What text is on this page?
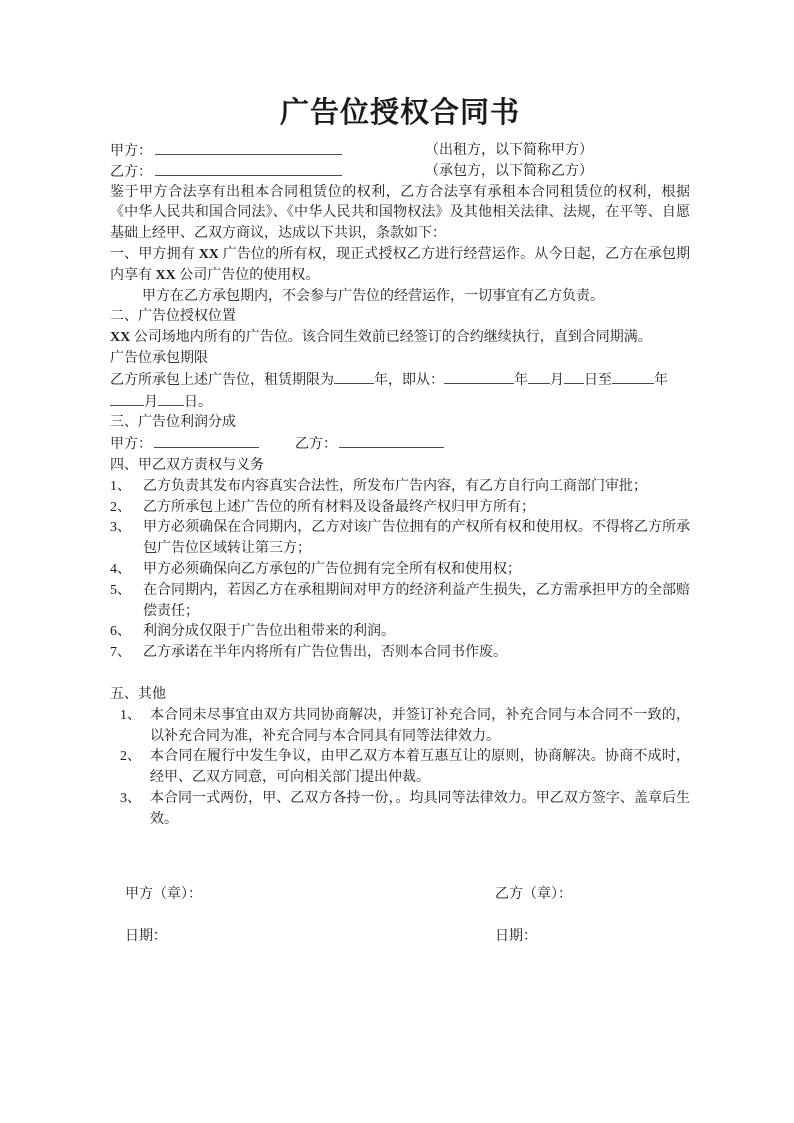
广告位授权合同书
甲方：	（出租方，以下简称甲方）
乙方：	（承包方，以下简称乙方）

鉴于甲方合法享有出租本合同租赁位的权利，乙方合法享有承租本合同租赁位的权利，根据《中华人民共和国合同法》、《中华人民共和国物权法》及其他相关法律、法规，在平等、自愿基础上经甲、乙双方商议，达成以下共识，条款如下：

一、甲方拥有 XX 广告位的所有权，现正式授权乙方进行经营运作。从今日起，乙方在承包期内享有 XX 公司广告位的使用权。

甲方在乙方承包期内，不会参与广告位的经营运作，一切事宜有乙方负责。

二、广告位授权位置

XX 公司场地内所有的广告位。该合同生效前已经签订的合约继续执行，直到合同期满。

广告位承包期限

乙方所承包上述广告位，租赁期限为	年，即从：	年 月 日至	年
月 日。

三、广告位利润分成

甲方：	乙方：

四、甲乙双方责权与义务

1、 乙方负责其发布内容真实合法性，所发布广告内容，有乙方自行向工商部门审批；
2、 乙方所承包上述广告位的所有材料及设备最终产权归甲方所有；
3、 甲方必须确保在合同期内，乙方对该广告位拥有的产权所有权和使用权。不得将乙方所承包广告位区域转让第三方；
4、 甲方必须确保向乙方承包的广告位拥有完全所有权和使用权；
5、 在合同期内，若因乙方在承租期间对甲方的经济利益产生损失，乙方需承担甲方的全部赔偿责任；
6、 利润分成仅限于广告位出租带来的利润。
7、 乙方承诺在半年内将所有广告位售出，否则本合同书作废。

五、其他

1、 本合同未尽事宜由双方共同协商解决，并签订补充合同，补充合同与本合同不一致的，以补充合同为准，补充合同与本合同具有同等法律效力。
2、 本合同在履行中发生争议，由甲乙双方本着互惠互让的原则，协商解决。协商不成时，经甲、乙双方同意，可向相关部门提出仲裁。
3、 本合同一式两份，甲、乙双方各持一份，。均具同等法律效力。甲乙双方签字、盖章后生效。
甲方（章）：	乙方（章）：
日期：	日期：
